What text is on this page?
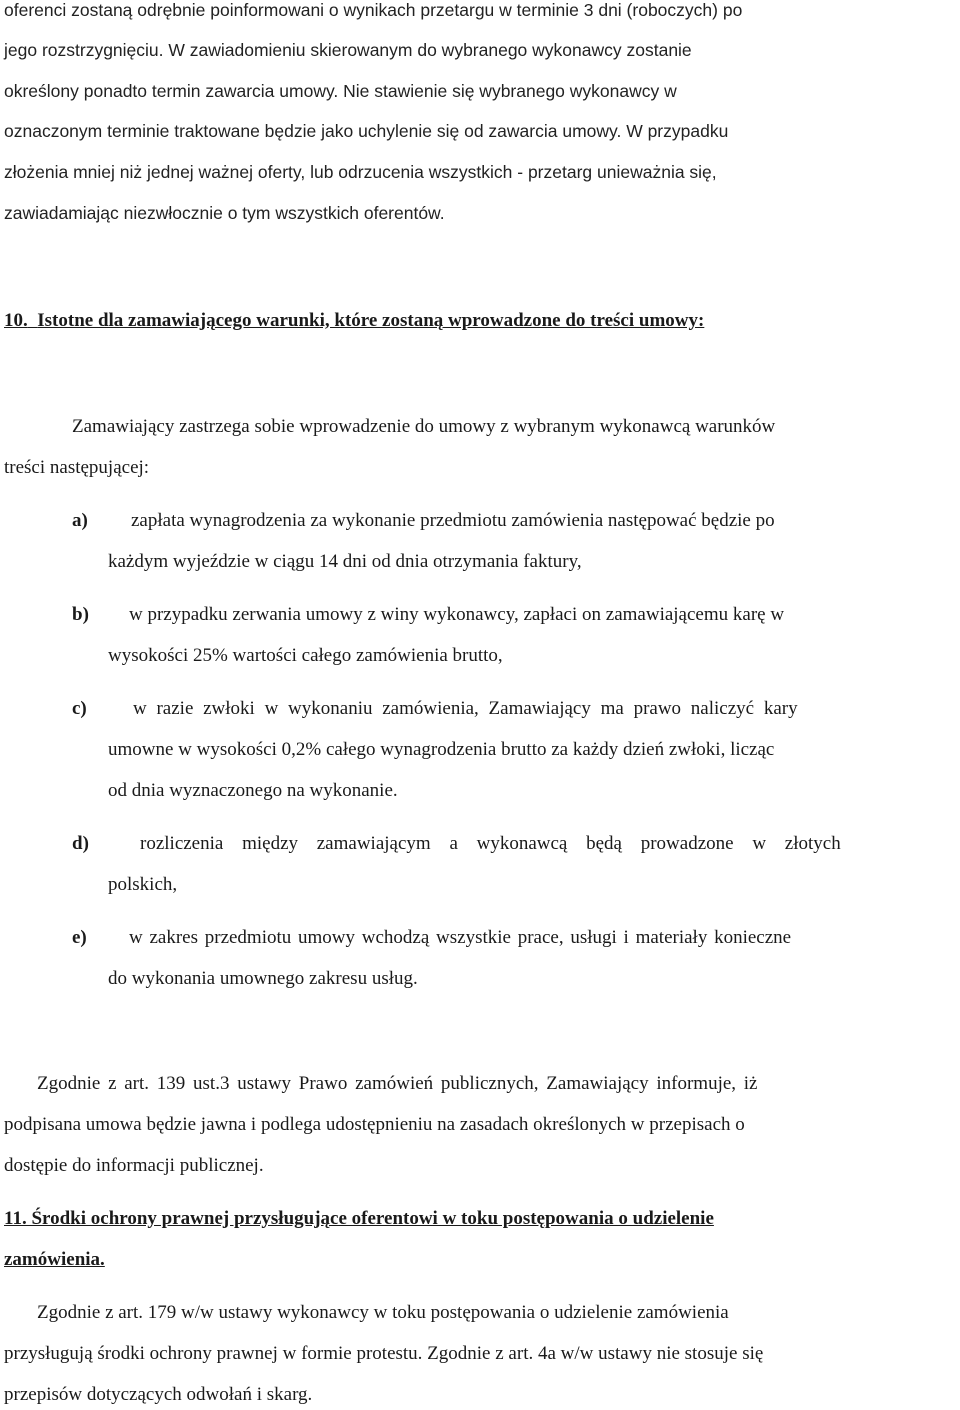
oferenci zostaną odrębnie poinformowani o wynikach przetargu w terminie 3 dni (roboczych) po
jego rozstrzygnięciu. W zawiadomieniu skierowanym do wybranego wykonawcy zostanie
określony ponadto termin zawarcia umowy. Nie stawienie się wybranego wykonawcy w
oznaczonym terminie traktowane będzie jako uchylenie się od zawarcia umowy. W przypadku
złożenia mniej niż jednej ważnej oferty, lub odrzucenia wszystkich - przetarg unieważnia się,
zawiadamiając niezwłocznie o tym wszystkich oferentów.
10. Istotne dla zamawiającego warunki, które zostaną wprowadzone do treści umowy:
Zamawiający zastrzega sobie wprowadzenie do umowy z wybranym wykonawcą warunków
treści następującej:
a) zapłata wynagrodzenia za wykonanie przedmiotu zamówienia następować będzie po
każdym wyjeździe w ciągu 14 dni od dnia otrzymania faktury,
b) w przypadku zerwania umowy z winy wykonawcy, zapłaci on zamawiającemu karę w
wysokości 25% wartości całego zamówienia brutto,
c) w razie zwłoki w wykonaniu zamówienia, Zamawiający ma prawo naliczyć kary
umowne w wysokości 0,2% całego wynagrodzenia brutto za każdy dzień zwłoki, licząc
od dnia wyznaczonego na wykonanie.
d)	rozliczenia między zamawiającym a wykonawcą będą prowadzone w złotych
polskich,
e) w zakres przedmiotu umowy wchodzą wszystkie prace, usługi i materiały konieczne
do wykonania umownego zakresu usług.
Zgodnie z art. 139 ust.3 ustawy Prawo zamówień publicznych, Zamawiający informuje, iż
podpisana umowa będzie jawna i podlega udostępnieniu na zasadach określonych w przepisach o
dostępie do informacji publicznej.
11. Środki ochrony prawnej przysługujące oferentowi w toku postępowania o udzielenie
zamówienia.
Zgodnie z art. 179 w/w ustawy wykonawcy w toku postępowania o udzielenie zamówienia
przysługują środki ochrony prawnej w formie protestu. Zgodnie z art. 4a w/w ustawy nie stosuje się
przepisów dotyczących odwołań i skarg.
